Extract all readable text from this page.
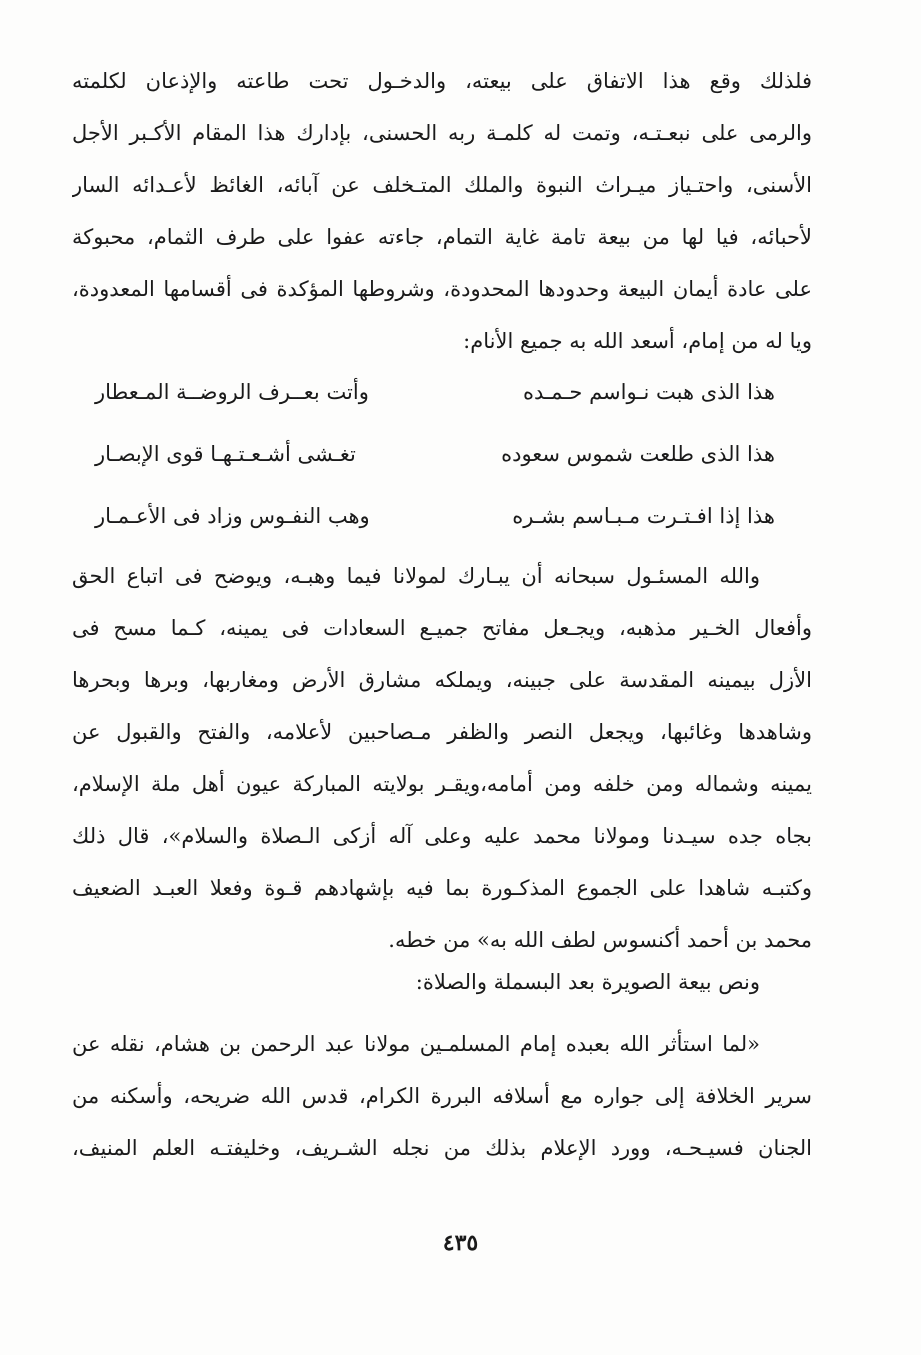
فلذلك وقع هذا الاتفاق على بيعته، والدخـول تحت طاعته والإذعان لكلمته
والرمى على نبعـتـه، وتمت له كلمـة ربه الحسنى، بإدارك هذا المقام الأكـبر الأجل
الأسنى، واحتـياز ميـراث النبوة والملك المتـخلف عن آبائه، الغائظ لأعـدائه السار
لأحبائه، فيا لها من بيعة تامة غاية التمام، جاءته عفوا على طرف الثمام، محبوكة
على عادة أيمان البيعة وحدودها المحدودة، وشروطها المؤكدة فى أقسامها المعدودة،
ويا له من إمام، أسعد الله به جميع الأنام:
هذا الذى هبت نـواسم حـمـده
وأتت بعــرف الروضــة المـعطار
هذا الذى طلعت شموس سعوده
تغـشى أشـعـتـهـا قوى الإبصـار
هذا إذا افـتـرت مـبـاسم بشـره
وهب النفـوس وزاد فى الأعـمـار
والله المسئـول سبحانه أن يبـارك لمولانا فيما وهبـه، ويوضح فى اتباع الحق
وأفعال الخـير مذهبه، ويجـعل مفاتح جميـع السعادات فى يمينه، كـما مسح فى
الأزل بيمينه المقدسة على جبينه، ويملكه مشارق الأرض ومغاربها، وبرها وبحرها
وشاهدها وغائبها، ويجعل النصر والظفر مـصاحبين لأعلامه، والفتح والقبول عن
يمينه وشماله ومن خلفه ومن أمامه،ويقـر بولايته المباركة عيون أهل ملة الإسلام،
بجاه جده سيـدنا ومولانا محمد عليه وعلى آله أزكى الـصلاة والسلام»، قال ذلك
وكتبـه شاهدا على الجموع المذكـورة بما فيه بإشهادهم قـوة وفعلا العبـد الضعيف
محمد بن أحمد أكنسوس لطف الله به» من خطه.
ونص بيعة الصويرة بعد البسملة والصلاة:
«لما استأثر الله بعبده إمام المسلمـين مولانا عبد الرحمن بن هشام، نقله عن
سرير الخلافة إلى جواره مع أسلافه البررة الكرام، قدس الله ضريحه، وأسكنه من
الجنان فسيـحـه، وورد الإعلام بذلك من نجله الشـريف، وخليفتـه العلم المنيف،
٤٣٥
